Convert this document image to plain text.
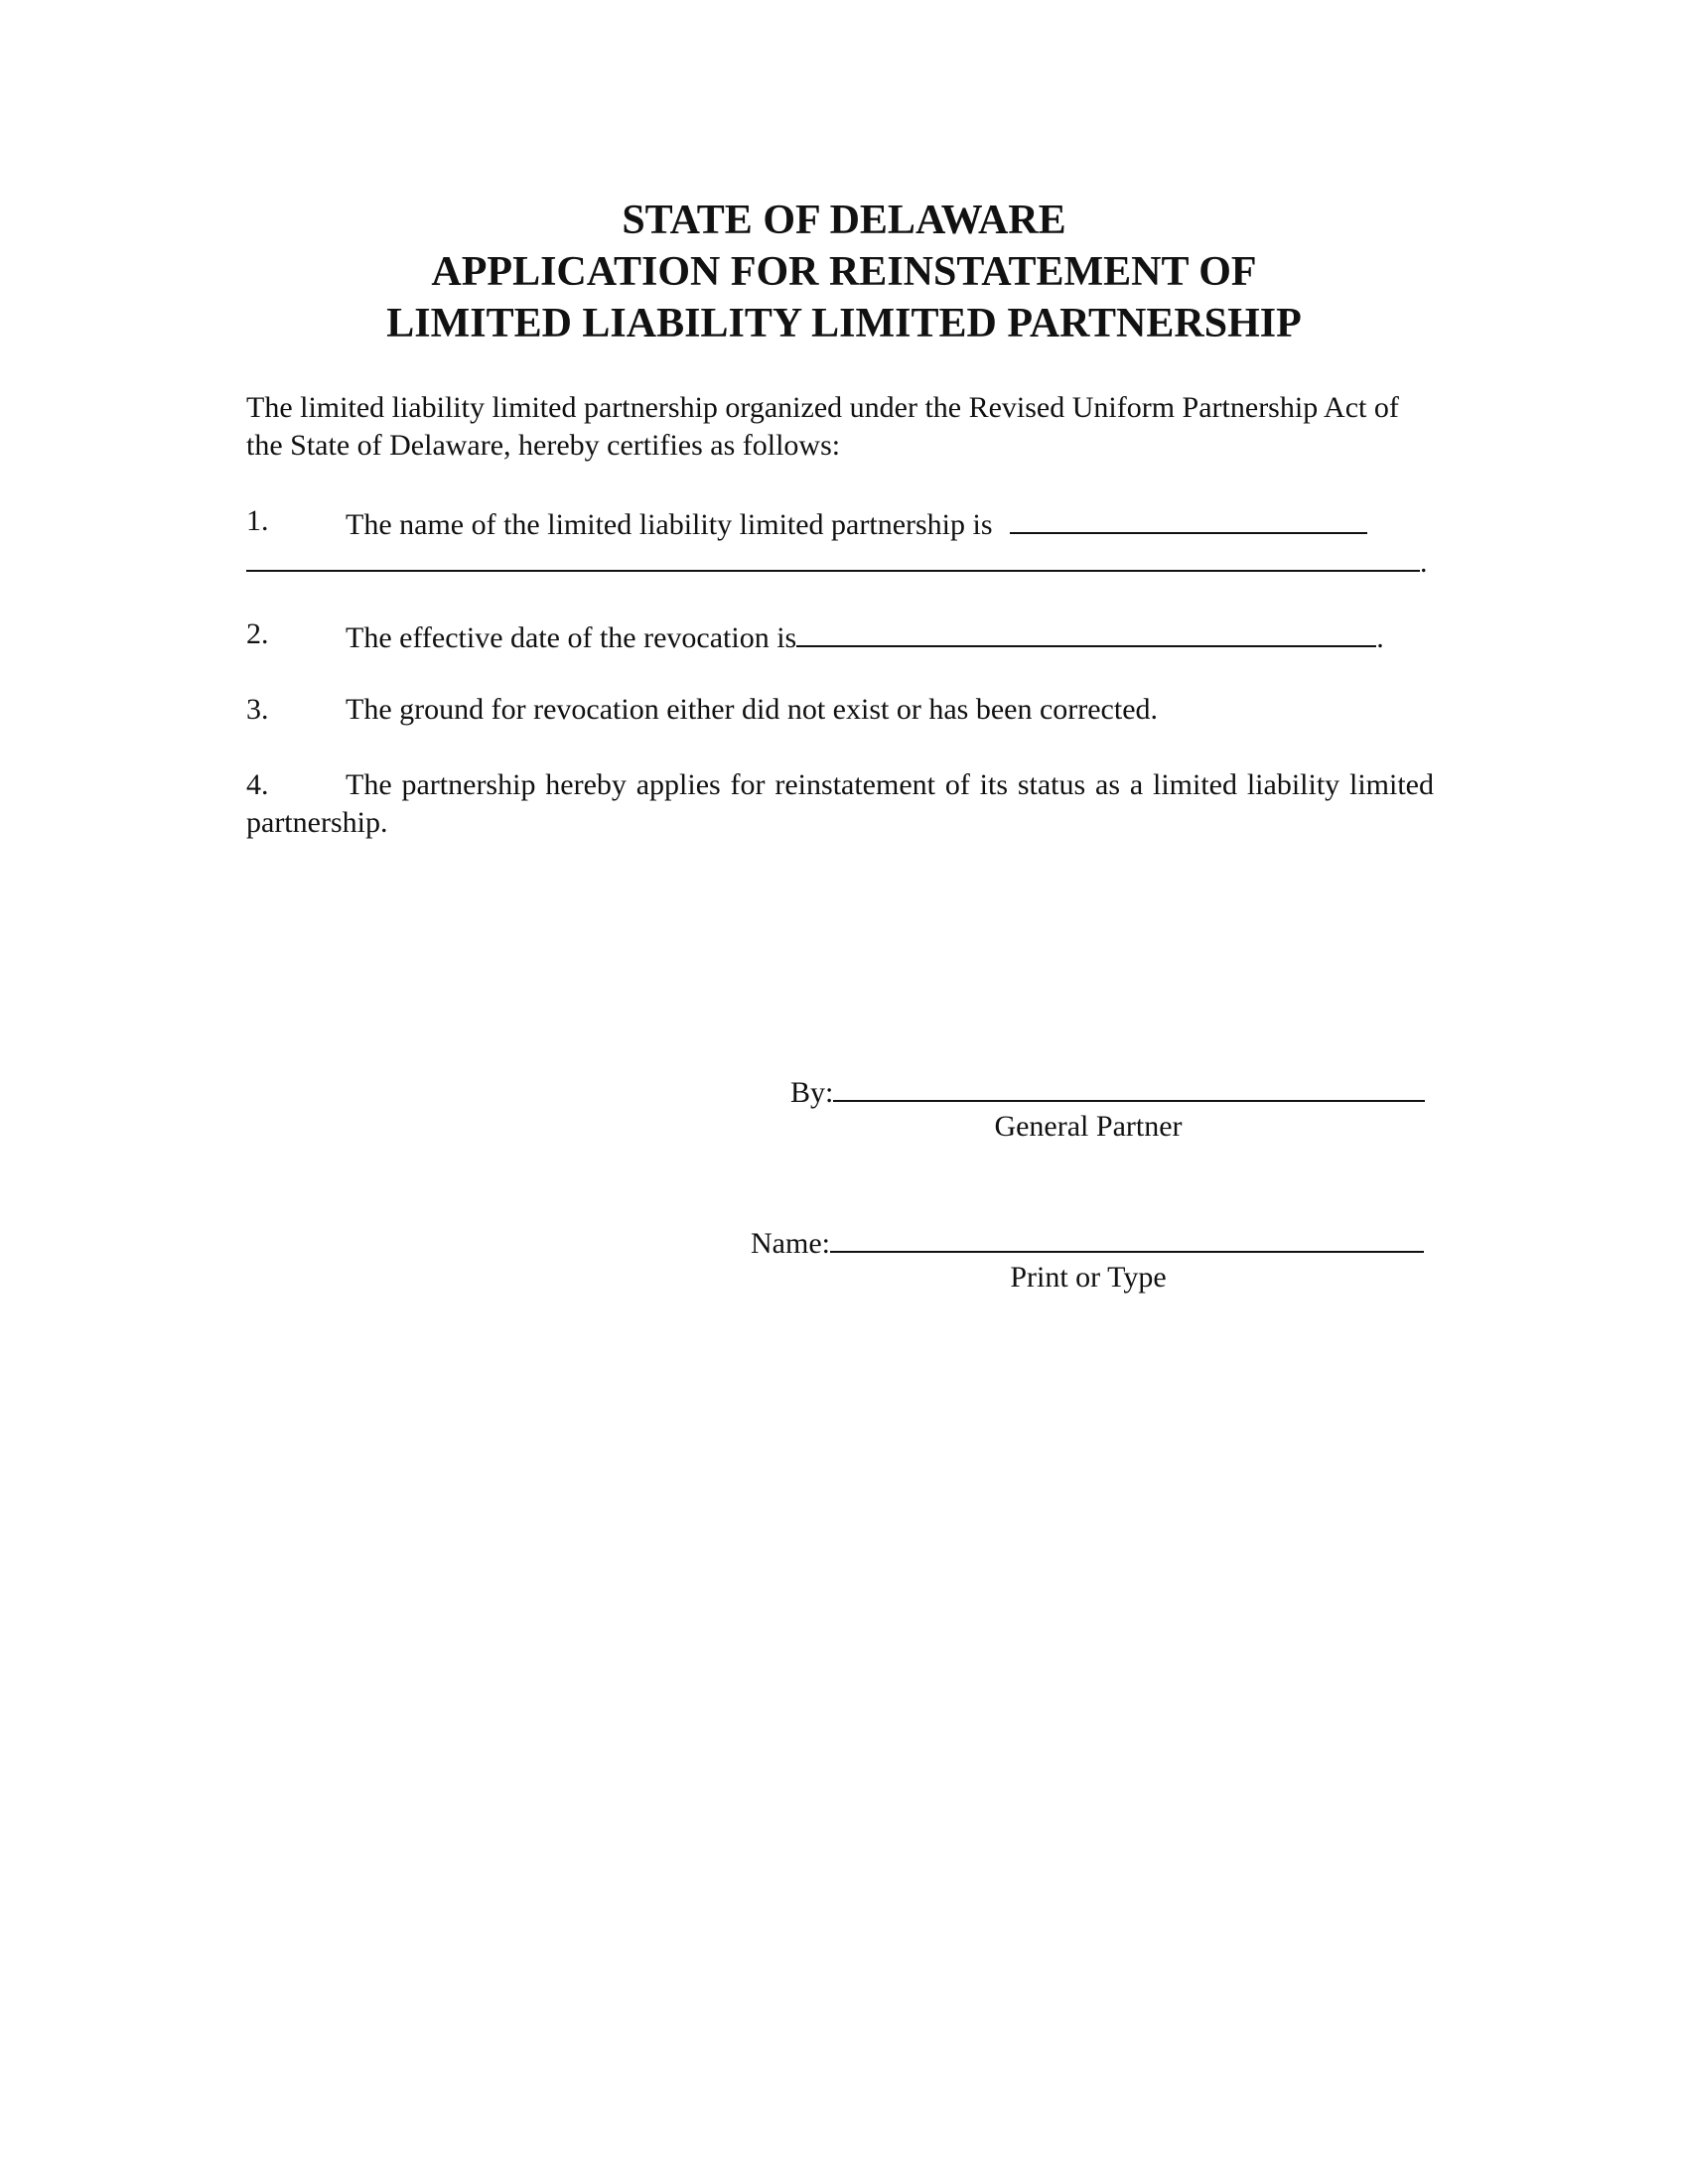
STATE OF DELAWARE
APPLICATION FOR REINSTATEMENT OF
LIMITED LIABILITY LIMITED PARTNERSHIP
The limited liability limited partnership organized under the Revised Uniform Partnership Act of the State of Delaware, hereby certifies as follows:
1.	The name of the limited liability limited partnership is
.
2.	The effective date of the revocation is	.
3.	The ground for revocation either did not exist or has been corrected.
4.	The partnership hereby applies for reinstatement of its status as a limited liability limited partnership.
By:
General Partner
Name:
Print or Type
